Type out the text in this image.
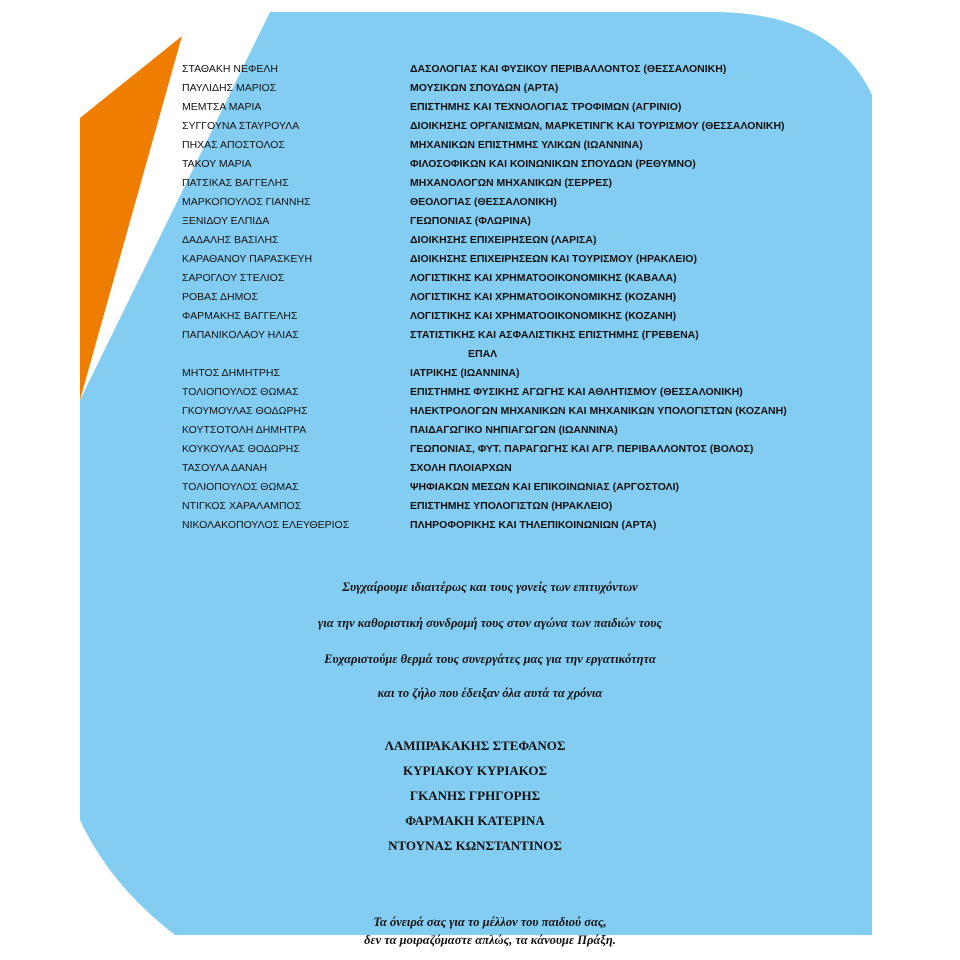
ΣΤΑΘΑΚΗ ΝΕΦΕΛΗ	ΔΑΣΟΛΟΓΙΑΣ ΚΑΙ ΦΥΣΙΚΟΥ ΠΕΡΙΒΑΛΛΟΝΤΟΣ (ΘΕΣΣΑΛΟΝΙΚΗ)
ΠΑΥΛΙΔΗΣ ΜΑΡΙΟΣ	ΜΟΥΣΙΚΩΝ ΣΠΟΥΔΩΝ (ΑΡΤΑ)
ΜΕΜΤΣΑ ΜΑΡΙΑ	ΕΠΙΣΤΗΜΗΣ ΚΑΙ ΤΕΧΝΟΛΟΓΙΑΣ ΤΡΟΦΙΜΩΝ (ΑΓΡΙΝΙΟ)
ΣΥΓΓΟΥΝΑ ΣΤΑΥΡΟΥΛΑ	ΔΙΟΙΚΗΣΗΣ ΟΡΓΑΝΙΣΜΩΝ, ΜΑΡΚΕΤΙΝΓΚ ΚΑΙ ΤΟΥΡΙΣΜΟΥ (ΘΕΣΣΑΛΟΝΙΚΗ)
ΠΗΧΑΣ ΑΠΟΣΤΟΛΟΣ	ΜΗΧΑΝΙΚΩΝ ΕΠΙΣΤΗΜΗΣ ΥΛΙΚΩΝ (ΙΩΑΝΝΙΝΑ)
ΤΑΚΟΥ ΜΑΡΙΑ	ΦΙΛΟΣΟΦΙΚΩΝ ΚΑΙ ΚΟΙΝΩΝΙΚΩΝ ΣΠΟΥΔΩΝ (ΡΕΘΥΜΝΟ)
ΠΑΤΣΙΚΑΣ ΒΑΓΓΕΛΗΣ	ΜΗΧΑΝΟΛΟΓΩΝ ΜΗΧΑΝΙΚΩΝ (ΣΕΡΡΕΣ)
ΜΑΡΚΟΠΟΥΛΟΣ ΓΙΑΝΝΗΣ	ΘΕΟΛΟΓΙΑΣ (ΘΕΣΣΑΛΟΝΙΚΗ)
ΞΕΝΙΔΟΥ ΕΛΠΙΔΑ	ΓΕΩΠΟΝΙΑΣ (ΦΛΩΡΙΝΑ)
ΔΑΔΑΛΗΣ ΒΑΣΙΛΗΣ	ΔΙΟΙΚΗΣΗΣ ΕΠΙΧΕΙΡΗΣΕΩΝ (ΛΑΡΙΣΑ)
ΚΑΡΑΘΑΝΟΥ ΠΑΡΑΣΚΕΥΗ	ΔΙΟΙΚΗΣΗΣ ΕΠΙΧΕΙΡΗΣΕΩΝ ΚΑΙ ΤΟΥΡΙΣΜΟΥ (ΗΡΑΚΛΕΙΟ)
ΣΑΡΟΓΛΟΥ ΣΤΕΛΙΟΣ	ΛΟΓΙΣΤΙΚΗΣ ΚΑΙ ΧΡΗΜΑΤΟΟΙΚΟΝΟΜΙΚΗΣ (ΚΑΒΑΛΑ)
ΡΟΒΑΣ ΔΗΜΟΣ	ΛΟΓΙΣΤΙΚΗΣ ΚΑΙ ΧΡΗΜΑΤΟΟΙΚΟΝΟΜΙΚΗΣ (ΚΟΖΑΝΗ)
ΦΑΡΜΑΚΗΣ ΒΑΓΓΕΛΗΣ	ΛΟΓΙΣΤΙΚΗΣ ΚΑΙ ΧΡΗΜΑΤΟΟΙΚΟΝΟΜΙΚΗΣ (ΚΟΖΑΝΗ)
ΠΑΠΑΝΙΚΟΛΑΟΥ ΗΛΙΑΣ	ΣΤΑΤΙΣΤΙΚΗΣ ΚΑΙ ΑΣΦΑΛΙΣΤΙΚΗΣ ΕΠΙΣΤΗΜΗΣ (ΓΡΕΒΕΝΑ)
ΕΠΑΛ
ΜΗΤΟΣ ΔΗΜΗΤΡΗΣ	ΙΑΤΡΙΚΗΣ (ΙΩΑΝΝΙΝΑ)
ΤΟΛΙΟΠΟΥΛΟΣ ΘΩΜΑΣ	ΕΠΙΣΤΗΜΗΣ ΦΥΣΙΚΗΣ ΑΓΩΓΗΣ ΚΑΙ ΑΘΛΗΤΙΣΜΟΥ (ΘΕΣΣΑΛΟΝΙΚΗ)
ΓΚΟΥΜΟΥΛΑΣ ΘΟΔΩΡΗΣ	ΗΛΕΚΤΡΟΛΟΓΩΝ ΜΗΧΑΝΙΚΩΝ ΚΑΙ ΜΗΧΑΝΙΚΩΝ ΥΠΟΛΟΓΙΣΤΩΝ (ΚΟΖΑΝΗ)
ΚΟΥΤΣΟΤΟΛΗ ΔΗΜΗΤΡΑ	ΠΑΙΔΑΓΩΓΙΚΟ ΝΗΠΙΑΓΩΓΩΝ (ΙΩΑΝΝΙΝΑ)
ΚΟΥΚΟΥΛΑΣ ΘΟΔΩΡΗΣ	ΓΕΩΠΟΝΙΑΣ, ΦΥΤ. ΠΑΡΑΓΩΓΗΣ ΚΑΙ ΑΓΡ. ΠΕΡΙΒΑΛΛΟΝΤΟΣ (ΒΟΛΟΣ)
ΤΑΣΟΥΛΑ ΔΑΝΑΗ	ΣΧΟΛΗ ΠΛΟΙΑΡΧΩΝ
ΤΟΛΙΟΠΟΥΛΟΣ ΘΩΜΑΣ	ΨΗΦΙΑΚΩΝ ΜΕΣΩΝ ΚΑΙ ΕΠΙΚΟΙΝΩΝΙΑΣ (ΑΡΓΟΣΤΟΛΙ)
ΝΤΙΓΚΟΣ ΧΑΡΑΛΑΜΠΟΣ	ΕΠΙΣΤΗΜΗΣ ΥΠΟΛΟΓΙΣΤΩΝ (ΗΡΑΚΛΕΙΟ)
ΝΙΚΟΛΑΚΟΠΟΥΛΟΣ ΕΛΕΥΘΕΡΙΟΣ	ΠΛΗΡΟΦΟΡΙΚΗΣ ΚΑΙ ΤΗΛΕΠΙΚΟΙΝΩΝΙΩΝ (ΑΡΤΑ)
Συγχαίρουμε ιδιαιτέρως και τους γονείς των επιτυχόντων
για την καθοριστική συνδρομή τους στον αγώνα των παιδιών τους
Ευχαριστούμε θερμά τους συνεργάτες μας για την εργατικότητα
και το ζήλο που έδειξαν όλα αυτά τα χρόνια
ΛΑΜΠΡΑΚΑΚΗΣ ΣΤΕΦΑΝΟΣ
ΚΥΡΙΑΚΟΥ ΚΥΡΙΑΚΟΣ
ΓΚΑΝΗΣ ΓΡΗΓΟΡΗΣ
ΦΑΡΜΑΚΗ ΚΑΤΕΡΙΝΑ
ΝΤΟΥΝΑΣ ΚΩΝΣΤΑΝΤΙΝΟΣ
Τα όνειρά σας για το μέλλον του παιδιού σας,
δεν τα μοιραζόμαστε απλώς, τα κάνουμε Πράξη.
